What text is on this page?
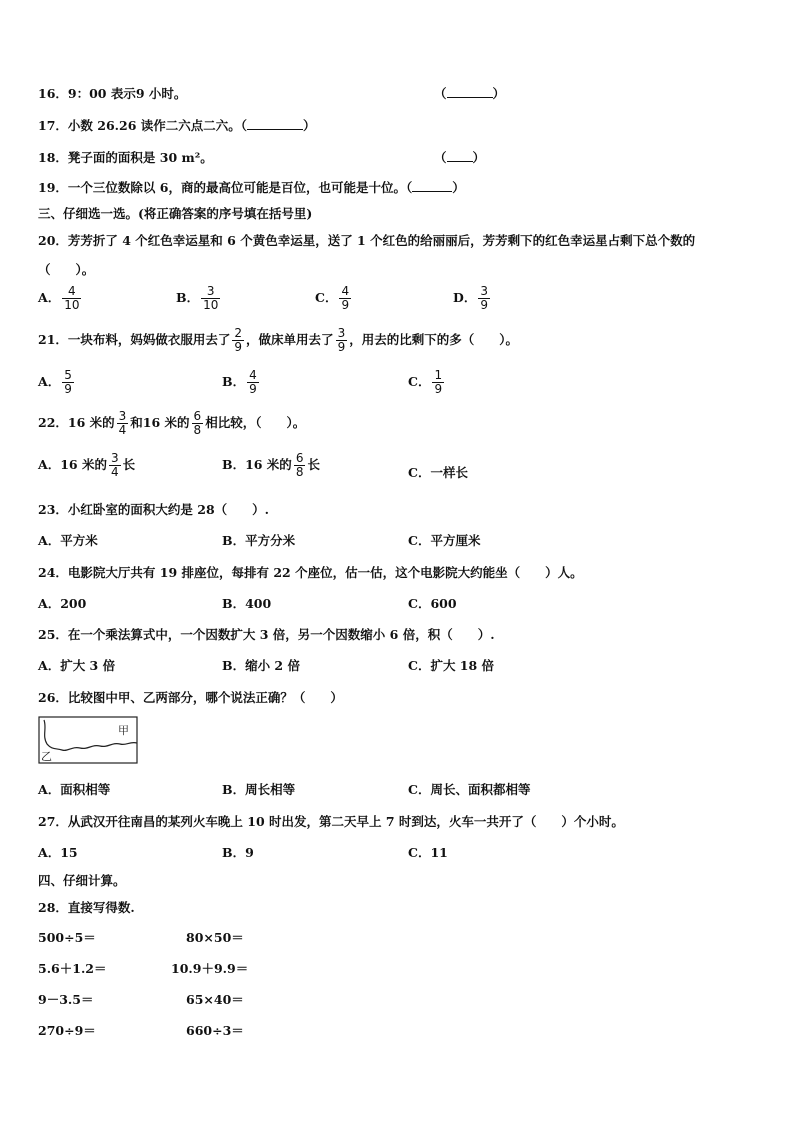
16．9：00 表示9 小时。	（	）
17．小数 26.26 读作二六点二六。（	）
18．凳子面的面积是 30 m²。	（ ）
19．一个三位数除以 6，商的最高位可能是百位，也可能是十位。（	）
三、仔细选一选。(将正确答案的序号填在括号里)
20．芳芳折了 4 个红色幸运星和 6 个黄色幸运星，送了 1 个红色的给丽丽后，芳芳剩下的红色幸运星占剩下总个数的
（　　）。
A． $\frac{4}{10}$	B． $\frac{3}{10}$	C． $\frac{4}{9}$	D． $\frac{3}{9}$
21．一块布料，妈妈做衣服用去了 $\frac{2}{9}$ ，做床单用去了 $\frac{3}{9}$ ，用去的比剩下的多（　　）。
A． $\frac{5}{9}$	B． $\frac{4}{9}$	C． $\frac{1}{9}$
22．16 米的 $\frac{3}{4}$ 和16 米的 $\frac{6}{8}$ 相比较，（　　）。
A．16 米的 $\frac{3}{4}$ 长	B．16 米的 $\frac{6}{8}$ 长
C．一样长
23．小红卧室的面积大约是 28（　　）.
A．平方米	B．平方分米	C．平方厘米
24．电影院大厅共有 19 排座位，每排有 22 个座位，估一估，这个电影院大约能坐（　　）人。
A．200	B．400	C．600
25．在一个乘法算式中，一个因数扩大 3 倍，另一个因数缩小 6 倍，积（　　）.
A．扩大 3 倍	B．缩小 2 倍	C．扩大 18 倍
26．比较图中甲、乙两部分，哪个说法正确？（　　）
甲
乙
A．面积相等	B．周长相等	C．周长、面积都相等
27．从武汉开往南昌的某列火车晚上 10 时出发，第二天早上 7 时到达，火车一共开了（　　）个小时。
A．15	B．9	C．11
四、仔细计算。
28．直接写得数.
500÷5＝	80×50＝
5.6＋1.2＝	10.9＋9.9＝
9－3.5＝	65×40＝
270÷9＝	660÷3＝
